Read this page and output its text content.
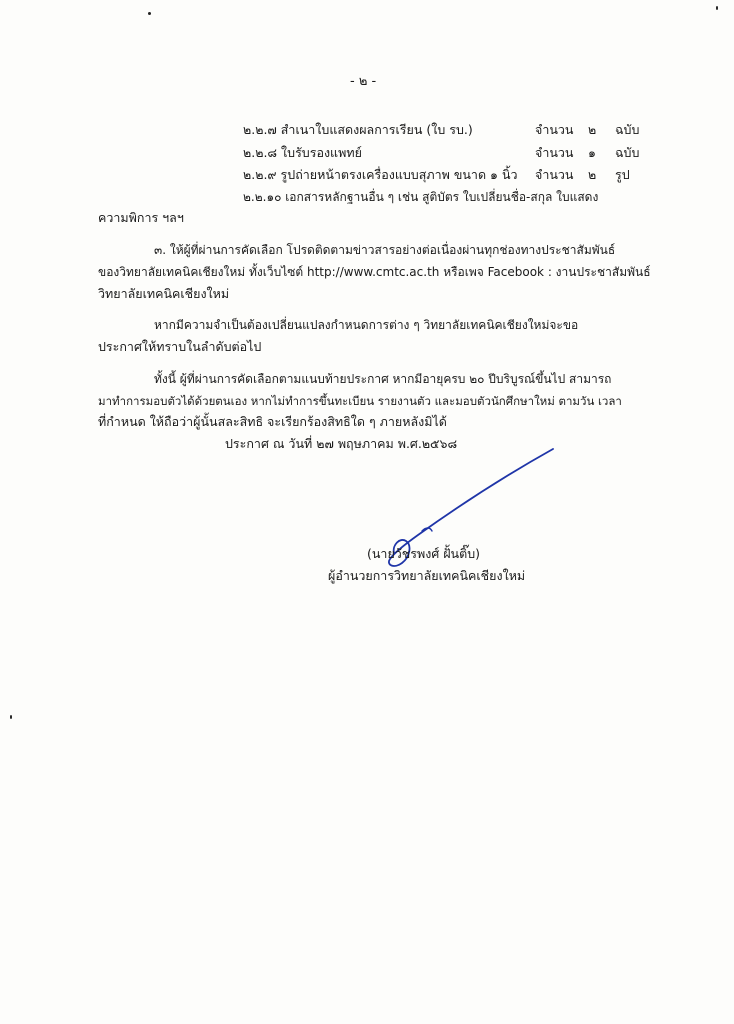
- ๒ -
๒.๒.๗ สำเนาใบแสดงผลการเรียน (ใบ รบ.)	จำนวน ๒ ฉบับ
๒.๒.๘ ใบรับรองแพทย์	จำนวน ๑ ฉบับ
๒.๒.๙ รูปถ่ายหน้าตรงเครื่องแบบสุภาพ ขนาด ๑ นิ้ว จำนวน ๒ รูป
๒.๒.๑๐ เอกสารหลักฐานอื่น ๆ เช่น สูติบัตร ใบเปลี่ยนชื่อ-สกุล ใบแสดง
ความพิการ ฯลฯ
๓. ให้ผู้ที่ผ่านการคัดเลือก โปรดติดตามข่าวสารอย่างต่อเนื่องผ่านทุกช่องทางประชาสัมพันธ์
ของวิทยาลัยเทคนิคเชียงใหม่ ทั้งเว็บไซต์ http://www.cmtc.ac.th หรือเพจ Facebook : งานประชาสัมพันธ์
วิทยาลัยเทคนิคเชียงใหม่
หากมีความจำเป็นต้องเปลี่ยนแปลงกำหนดการต่าง ๆ วิทยาลัยเทคนิคเชียงใหม่จะขอ
ประกาศให้ทราบในลำดับต่อไป
ทั้งนี้ ผู้ที่ผ่านการคัดเลือกตามแนบท้ายประกาศ หากมีอายุครบ ๒๐ ปีบริบูรณ์ขึ้นไป สามารถ
มาทำการมอบตัวได้ด้วยตนเอง หากไม่ทำการขึ้นทะเบียน รายงานตัว และมอบตัวนักศึกษาใหม่ ตามวัน เวลา
ที่กำหนด ให้ถือว่าผู้นั้นสละสิทธิ จะเรียกร้องสิทธิใด ๆ ภายหลังมิได้
ประกาศ ณ วันที่ ๒๗ พฤษภาคม พ.ศ.๒๕๖๘
(นายวัชรพงศ์ ฝั้นติ๊บ)
ผู้อำนวยการวิทยาลัยเทคนิคเชียงใหม่
